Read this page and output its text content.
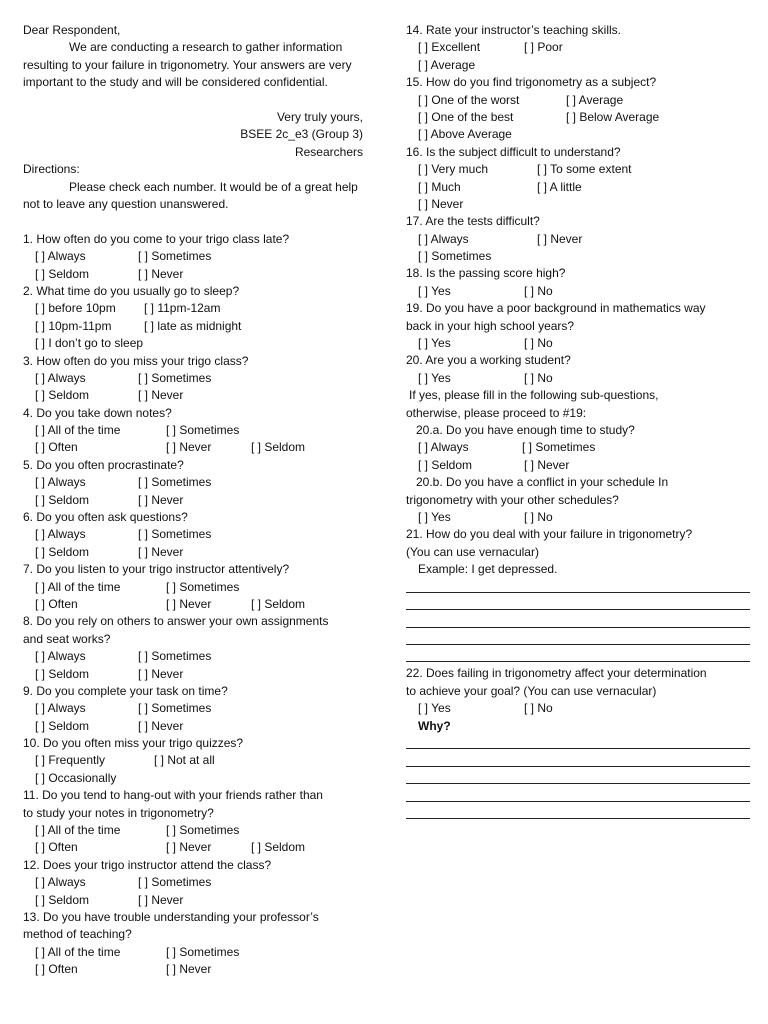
Dear Respondent,
We are conducting a research to gather information resulting to your failure in trigonometry. Your answers are very important to the study and will be considered confidential.
Very truly yours,
BSEE 2c_e3 (Group 3)
Researchers
Directions:
Please check each number. It would be of a great help not to leave any question unanswered.
1. How often do you come to your trigo class late?
[ ] Always	[ ] Sometimes
[ ] Seldom	[ ] Never
2. What time do you usually go to sleep?
[ ] before 10pm [ ] 11pm-12am
[ ] 10pm-11pm	[ ] late as midnight
[ ] I don’t go to sleep
3. How often do you miss your trigo class?
[ ] Always	[ ] Sometimes
[ ] Seldom	[ ] Never
4. Do you take down notes?
[ ] All of the time	[ ] Sometimes
[ ] Often	[ ] Never	[ ] Seldom
5. Do you often procrastinate?
[ ] Always	[ ] Sometimes
[ ] Seldom	[ ] Never
6. Do you often ask questions?
[ ] Always	[ ] Sometimes
[ ] Seldom	[ ] Never
7. Do you listen to your trigo instructor attentively?
[ ] All of the time	[ ] Sometimes
[ ] Often	[ ] Never	[ ] Seldom
8. Do you rely on others to answer your own assignments
and seat works?
[ ] Always	[ ] Sometimes
[ ] Seldom	[ ] Never
9. Do you complete your task on time?
[ ] Always	[ ] Sometimes
[ ] Seldom	[ ] Never
10. Do you often miss your trigo quizzes?
[ ] Frequently	[ ] Not at all
[ ] Occasionally
11. Do you tend to hang-out with your friends rather than
to study your notes in trigonometry?
[ ] All of the time	[ ] Sometimes
[ ] Often	[ ] Never	[ ] Seldom
12. Does your trigo instructor attend the class?
[ ] Always	[ ] Sometimes
[ ] Seldom	[ ] Never
13. Do you have trouble understanding your professor’s
method of teaching?
[ ] All of the time	[ ] Sometimes
[ ] Often	[ ] Never
14. Rate your instructor’s teaching skills.
[ ] Excellent	[ ] Poor
[ ] Average
15. How do you find trigonometry as a subject?
[ ] One of the worst	[ ] Average
[ ] One of the best	[ ] Below Average
[ ] Above Average
16. Is the subject difficult to understand?
[ ] Very much	[ ] To some extent
[ ] Much	[ ] A little
[ ] Never
17. Are the tests difficult?
[ ] Always	[ ] Never
[ ] Sometimes
18. Is the passing score high?
[ ] Yes	[ ] No
19. Do you have a poor background in mathematics way
back in your high school years?
[ ] Yes	[ ] No
20. Are you a working student?
[ ] Yes	[ ] No
If yes, please fill in the following sub-questions,
otherwise, please proceed to #19:
20.a. Do you have enough time to study?
[ ] Always	[ ] Sometimes
[ ] Seldom	[ ] Never
20.b. Do you have a conflict in your schedule In
trigonometry with your other schedules?
[ ] Yes	[ ] No
21. How do you deal with your failure in trigonometry?
(You can use vernacular)
Example: I get depressed.
22. Does failing in trigonometry affect your determination
to achieve your goal? (You can use vernacular)
[ ] Yes	[ ] No
Why?
